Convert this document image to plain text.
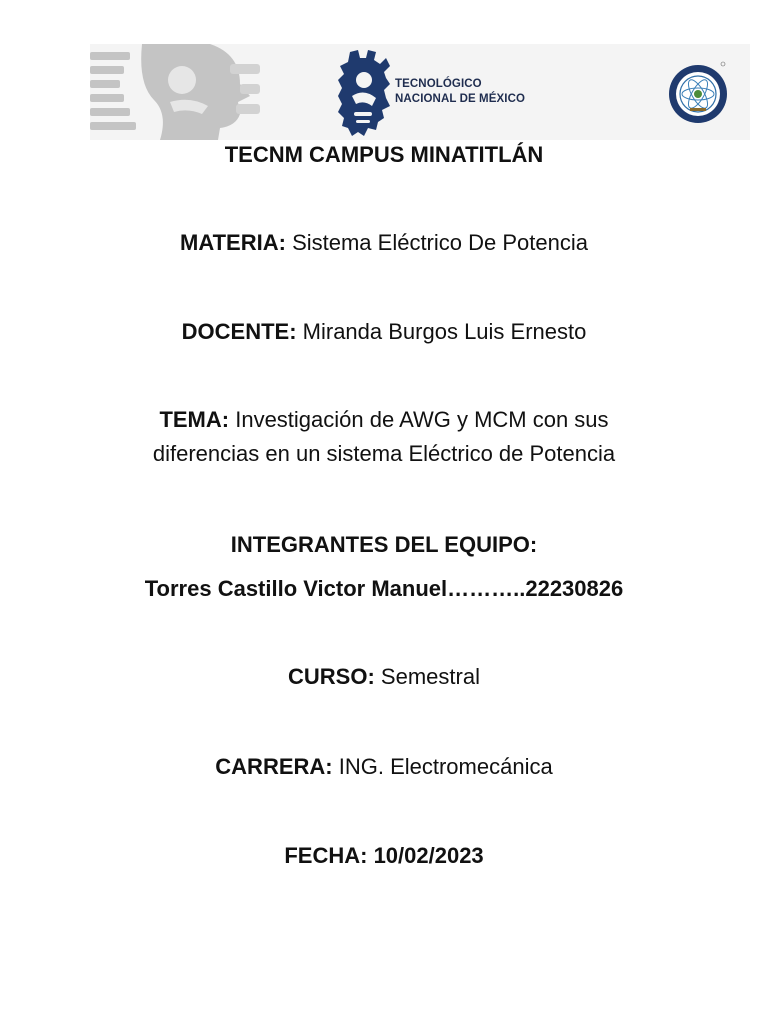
TECNOLÓGICO
NACIONAL DE MÉXICO
TECNM CAMPUS MINATITLÁN
MATERIA: Sistema Eléctrico De Potencia
DOCENTE: Miranda Burgos Luis Ernesto
TEMA: Investigación de AWG y MCM con sus
diferencias en un sistema Eléctrico de Potencia
INTEGRANTES DEL EQUIPO:
Torres Castillo Victor Manuel………..22230826
CURSO: Semestral
CARRERA: ING. Electromecánica
FECHA: 10/02/2023
